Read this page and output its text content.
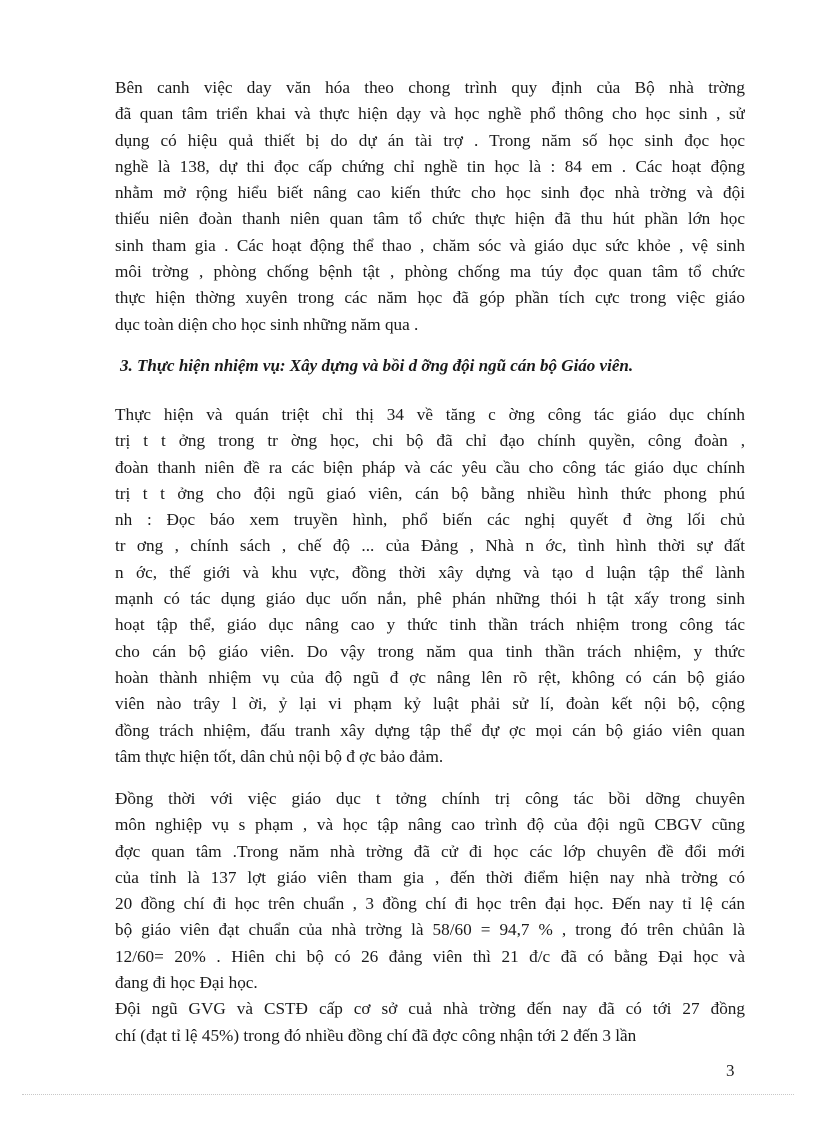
Bên canh việc day văn hóa theo chong trình quy định của Bộ nhà trờng
đã quan tâm triển khai và thực hiện dạy và học nghề phổ thông cho học sinh , sử
dụng có hiệu quả thiết bị do dự án tài trợ . Trong năm số học sinh đọc học
nghề là 138, dự thi đọc cấp chứng chỉ nghề tin học là : 84 em . Các hoạt động
nhằm mở rộng hiểu biết nâng cao kiến thức cho học sinh đọc nhà trờng và đội
thiếu niên đoàn thanh niên quan tâm tổ chức thực hiện đã thu hút phần lớn học
sinh tham gia . Các hoạt động thể thao , chăm sóc và giáo dục sức khỏe , vệ sinh
môi trờng , phòng chống bệnh tật , phòng chống ma túy đọc quan tâm tổ chức
thực hiện thờng xuyên trong các năm học đã góp phần tích cực trong việc giáo
dục toàn diện cho học sinh những năm qua .
3. Thực hiện nhiệm vụ: Xây dựng và bồi d ỡng đội ngũ cán bộ Giáo viên.
Thực hiện và quán triệt chỉ thị 34 về tăng c ờng công tác giáo dục chính
trị t t ởng trong tr ờng học, chi bộ đã chỉ đạo chính quyền, công đoàn ,
đoàn thanh niên đề ra các biện pháp và các yêu cầu cho công tác giáo dục chính
trị t t ởng cho đội ngũ giaó viên, cán bộ bằng nhiều hình thức phong phú
nh : Đọc báo xem truyền hình, phổ biến các nghị quyết đ ờng lối chủ
tr ơng , chính sách , chế độ ... của Đảng , Nhà n ớc, tình hình thời sự đất
n ớc, thế giới và khu vực, đồng thời xây dựng và tạo d luận tập thể lành
mạnh có tác dụng giáo dục uốn nắn, phê phán những thói h tật xấy trong sinh
hoạt tập thể, giáo dục nâng cao y thức tinh thần trách nhiệm trong công tác
cho cán bộ giáo viên. Do vậy trong năm qua tinh thần trách nhiệm, y thức
hoàn thành nhiệm vụ của độ ngũ đ ợc nâng lên rõ rệt, không có cán bộ giáo
viên nào trây l ời, ỷ lại vi phạm kỷ luật phải sử lí, đoàn kết nội bộ, cộng
đồng trách nhiệm, đấu tranh xây dựng tập thể đự ợc mọi cán bộ giáo viên quan
tâm thực hiện tốt, dân chủ nội bộ đ ợc bảo đảm.
Đồng thời với việc giáo dục t tởng chính trị công tác bồi dỡng chuyên
môn nghiệp vụ s phạm , và học tập nâng cao trình độ của đội ngũ CBGV cũng
đợc quan tâm .Trong năm nhà trờng đã cử đi học các lớp chuyên đề đổi mới
của tỉnh là 137 lợt giáo viên tham gia , đến thời điểm hiện nay nhà trờng có
20 đồng chí đi học trên chuẩn , 3 đồng chí đi học trên đại học. Đến nay tỉ lệ cán
bộ giáo viên đạt chuẩn của nhà trờng là 58/60 = 94,7 % , trong đó trên chủân là
12/60= 20% . Hiên chi bộ có 26 đảng viên thì 21 đ/c đã có bằng Đại học và
đang đi học Đại học.
Đội ngũ GVG và CSTĐ cấp cơ sở cuả nhà trờng đến nay đã có tới 27 đồng
chí (đạt tỉ lệ 45%) trong đó nhiều đồng chí đã đợc công nhận tới 2 đến 3 lần
3
